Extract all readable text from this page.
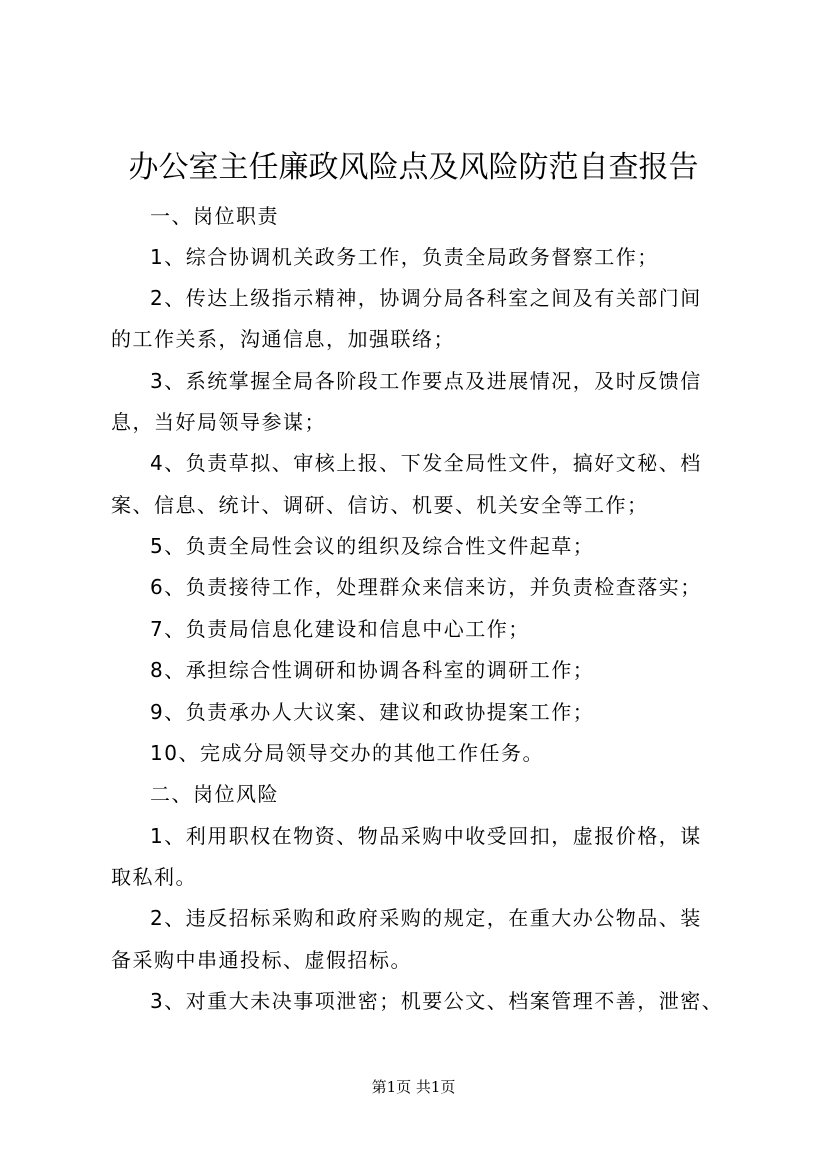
办公室主任廉政风险点及风险防范自查报告
一、岗位职责
1、综合协调机关政务工作，负责全局政务督察工作；
2、传达上级指示精神，协调分局各科室之间及有关部门间
的工作关系，沟通信息，加强联络；
3、系统掌握全局各阶段工作要点及进展情况，及时反馈信
息，当好局领导参谋；
4、负责草拟、审核上报、下发全局性文件，搞好文秘、档
案、信息、统计、调研、信访、机要、机关安全等工作；
5、负责全局性会议的组织及综合性文件起草；
6、负责接待工作，处理群众来信来访，并负责检查落实；
7、负责局信息化建设和信息中心工作；
8、承担综合性调研和协调各科室的调研工作；
9、负责承办人大议案、建议和政协提案工作；
10、完成分局领导交办的其他工作任务。
二、岗位风险
1、利用职权在物资、物品采购中收受回扣，虚报价格，谋
取私利。
2、违反招标采购和政府采购的规定，在重大办公物品、装
备采购中串通投标、虚假招标。
3、对重大未决事项泄密；机要公文、档案管理不善，泄密、
第1页 共1页
